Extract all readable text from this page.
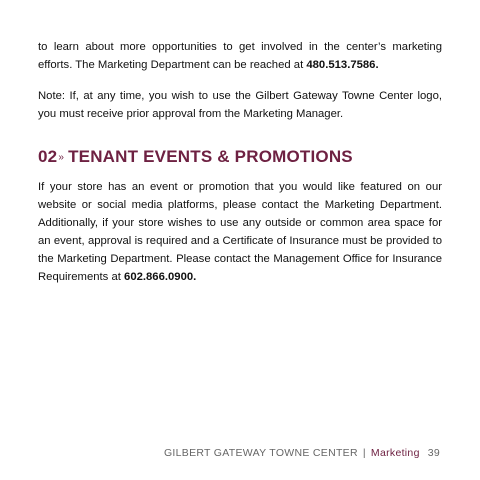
to learn about more opportunities to get involved in the center’s marketing efforts. The Marketing Department can be reached at 480.513.7586.

Note: If, at any time, you wish to use the Gilbert Gateway Towne Center logo, you must receive prior approval from the Marketing Manager.

02» TENANT EVENTS & PROMOTIONS

If your store has an event or promotion that you would like featured on our website or social media platforms, please contact the Marketing Department. Additionally, if your store wishes to use any outside or common area space for an event, approval is required and a Certificate of Insurance must be provided to the Marketing Department. Please contact the Management Office for Insurance Requirements at 602.866.0900.

GILBERT GATEWAY TOWNE CENTER | Marketing 39
